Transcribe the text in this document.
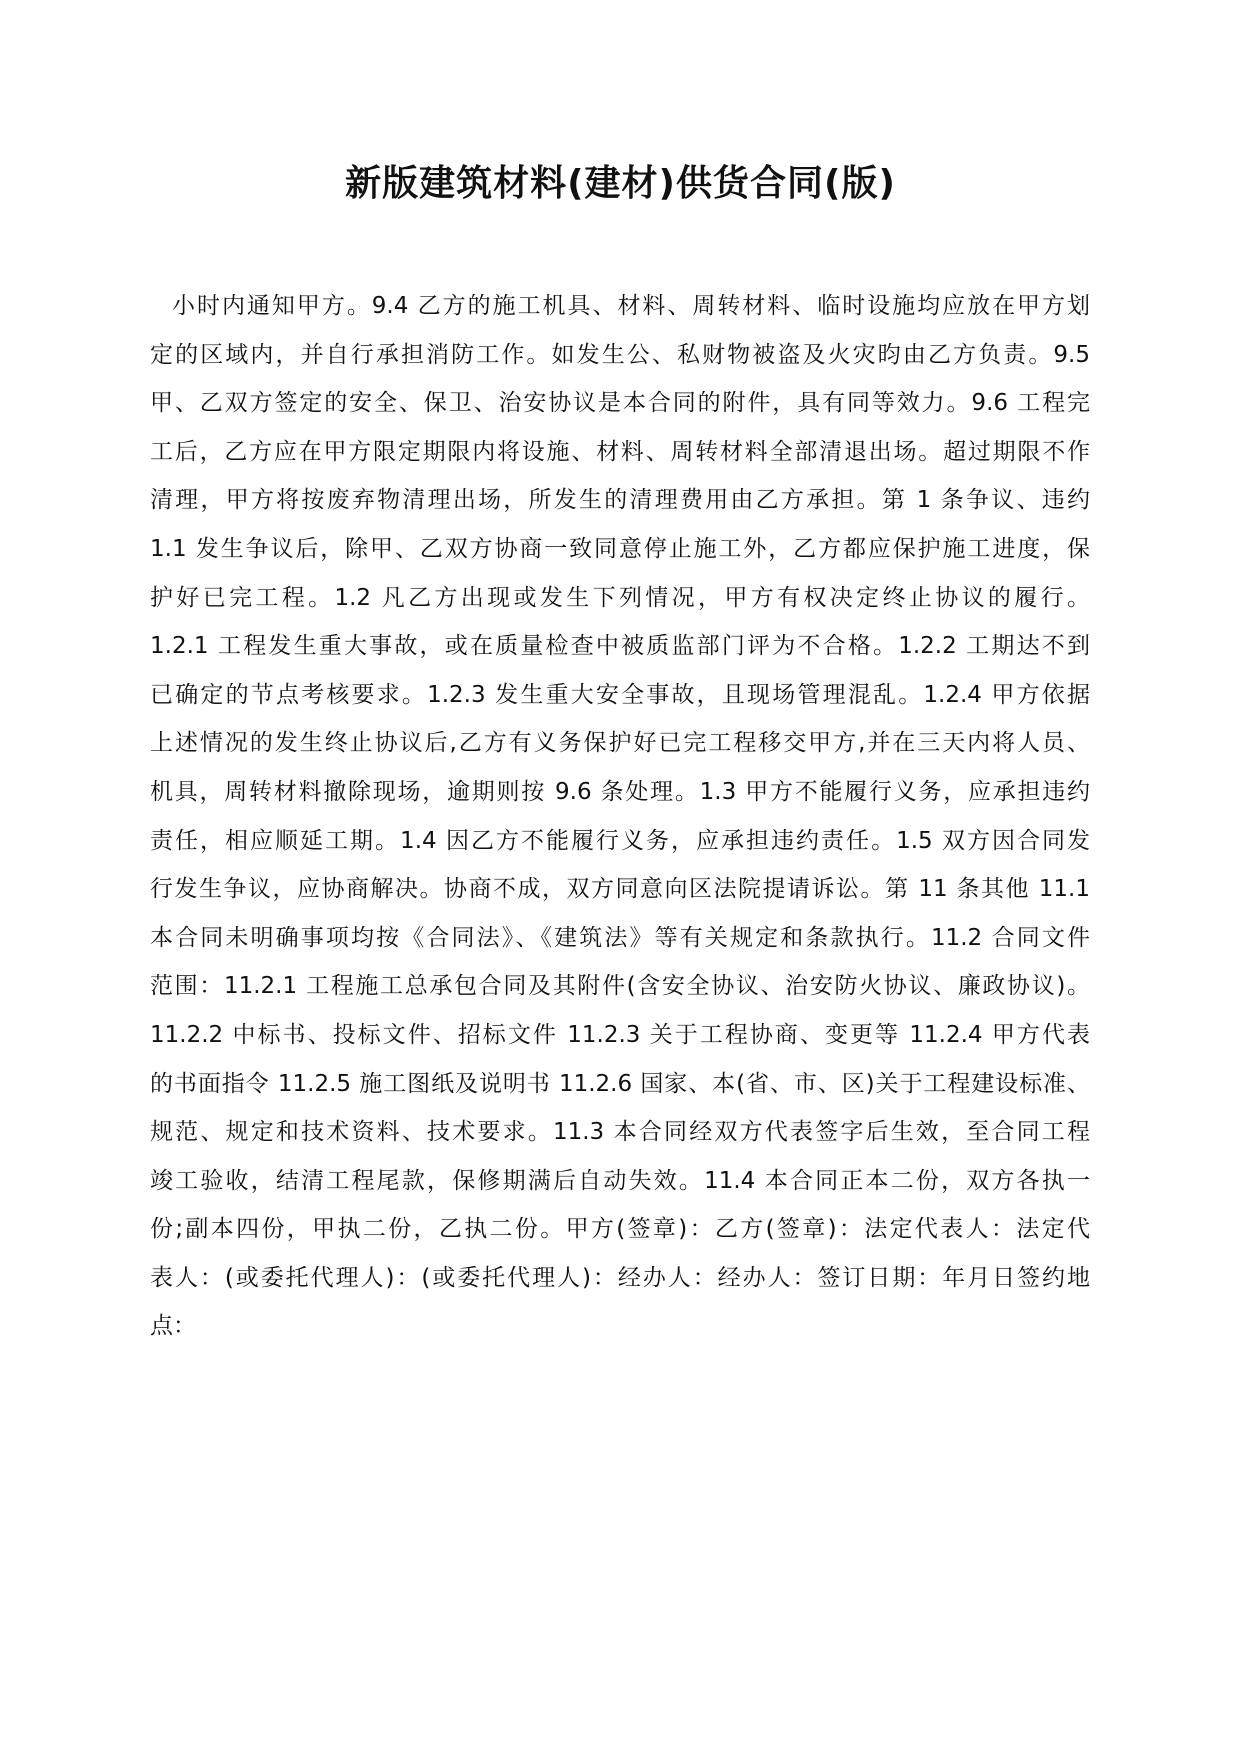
新版建筑材料(建材)供货合同(版)
小时内通知甲方。9.4 乙方的施工机具、材料、周转材料、临时设施均应放在甲方划
定的区域内，并自行承担消防工作。如发生公、私财物被盗及火灾昀由乙方负责。9.5
甲、乙双方签定的安全、保卫、治安协议是本合同的附件，具有同等效力。9.6 工程完
工后，乙方应在甲方限定期限内将设施、材料、周转材料全部清退出场。超过期限不作
清理，甲方将按废弃物清理出场，所发生的清理费用由乙方承担。第 1 条争议、违约
1.1 发生争议后，除甲、乙双方协商一致同意停止施工外，乙方都应保护施工进度，保
护好已完工程。1.2 凡乙方出现或发生下列情况，甲方有权决定终止协议的履行。
1.2.1 工程发生重大事故，或在质量检查中被质监部门评为不合格。1.2.2 工期达不到
已确定的节点考核要求。1.2.3 发生重大安全事故，且现场管理混乱。1.2.4 甲方依据
上述情况的发生终止协议后,乙方有义务保护好已完工程移交甲方,并在三天内将人员、
机具，周转材料撤除现场，逾期则按 9.6 条处理。1.3 甲方不能履行义务，应承担违约
责任，相应顺延工期。1.4 因乙方不能履行义务，应承担违约责任。1.5 双方因合同发
行发生争议，应协商解决。协商不成，双方同意向区法院提请诉讼。第 11 条其他 11.1
本合同未明确事项均按《合同法》、《建筑法》等有关规定和条款执行。11.2 合同文件
范围：11.2.1 工程施工总承包合同及其附件(含安全协议、治安防火协议、廉政协议)。
11.2.2 中标书、投标文件、招标文件 11.2.3 关于工程协商、变更等 11.2.4 甲方代表
的书面指令 11.2.5 施工图纸及说明书 11.2.6 国家、本(省、市、区)关于工程建设标准、
规范、规定和技术资料、技术要求。11.3 本合同经双方代表签字后生效，至合同工程
竣工验收，结清工程尾款，保修期满后自动失效。11.4 本合同正本二份，双方各执一
份;副本四份，甲执二份，乙执二份。甲方(签章)：乙方(签章)：法定代表人：法定代
表人：(或委托代理人)：(或委托代理人)：经办人：经办人：签订日期：年月日签约地
点：
